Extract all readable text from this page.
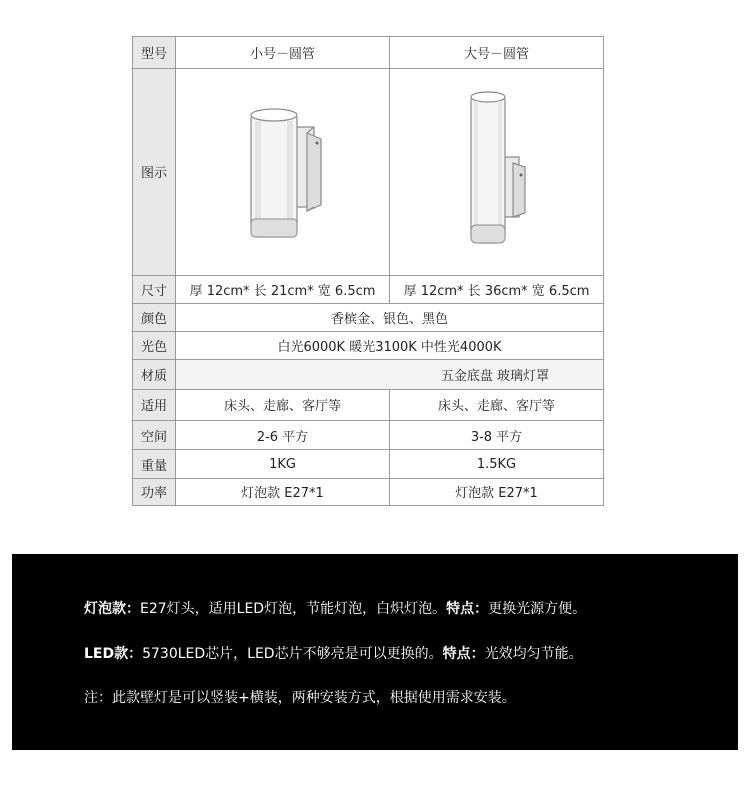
型号	小号－圆管	大号－圆管
图示	

尺寸	厚 12cm* 长 21cm* 宽 6.5cm	厚 12cm* 长 36cm* 宽 6.5cm
颜色	香槟金、银色、黑色	
光色	白光6000K 暖光3100K 中性光4000K	
材质	五金底盘 玻璃灯罩	
适用	床头、走廊、客厅等	床头、走廊、客厅等
空间	2-6 平方	3-8 平方
重量	1KG	1.5KG
功率	灯泡款 E27*1	灯泡款 E27*1
灯泡款：E27灯头，适用LED灯泡，节能灯泡，白炽灯泡。特点：更换光源方便。
LED款：5730LED芯片，LED芯片不够亮是可以更换的。特点：光效均匀节能。
注：此款壁灯是可以竖装+横装，两种安装方式，根据使用需求安装。
